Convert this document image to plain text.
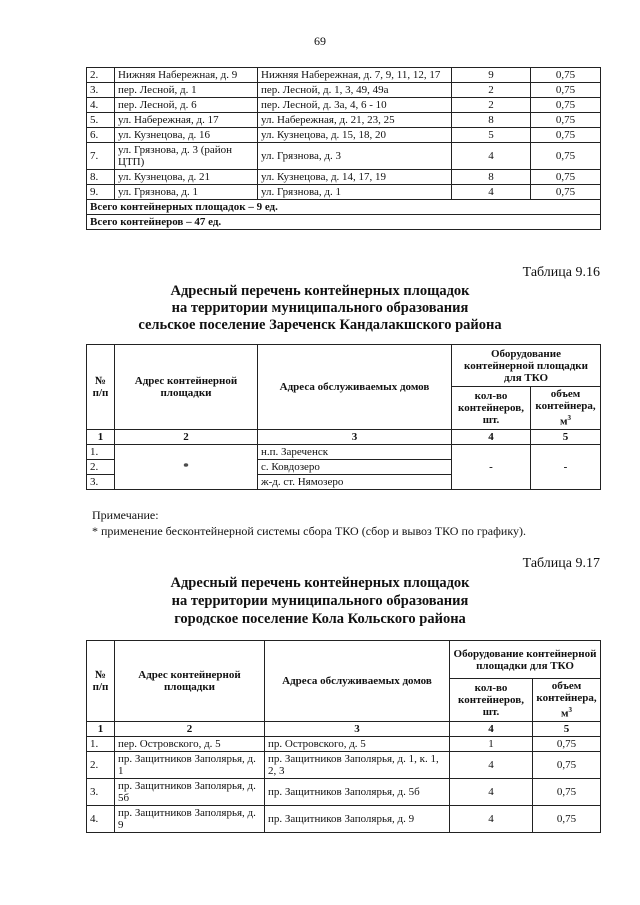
69
2.	Нижняя Набережная, д. 9	Нижняя Набережная, д. 7, 9, 11, 12, 17	9	0,75
3.	пер. Лесной, д. 1	пер. Лесной, д. 1, 3, 49, 49а	2	0,75
4.	пер. Лесной, д. 6	пер. Лесной, д. 3а, 4, 6 - 10	2	0,75
5.	ул. Набережная, д. 17	ул. Набережная, д. 21, 23, 25	8	0,75
6.	ул. Кузнецова, д. 16	ул. Кузнецова, д. 15, 18, 20	5	0,75
7.	ул. Грязнова, д. 3 (район ЦТП)	ул. Грязнова, д. 3	4	0,75
8.	ул. Кузнецова, д. 21	ул. Кузнецова, д. 14, 17, 19	8	0,75
9.	ул. Грязнова, д. 1	ул. Грязнова, д. 1	4	0,75
Всего контейнерных площадок – 9 ед.				
Всего контейнеров – 47 ед.				
Таблица 9.16
Адресный перечень контейнерных площадок
на территории муниципального образования
сельское поселение Зареченск Кандалакшского района
№ п/п	Адрес контейнерной площадки	Адреса обслуживаемых домов	Оборудование контейнерной площадки для ТКО	
			кол-во контейнеров, шт.	объем контейнера, $м^3$
1	2	3	4	5
1.	*	н.п. Зареченск	-	-
2.		с. Ковдозеро		
3.		ж-д. ст. Нямозеро		
Примечание:
* применение бесконтейнерной системы сбора ТКО (сбор и вывоз ТКО по графику).
Таблица 9.17
Адресный перечень контейнерных площадок
на территории муниципального образования
городское поселение Кола Кольского района
№ п/п	Адрес контейнерной площадки	Адреса обслуживаемых домов	Оборудование контейнерной площадки для ТКО	
			кол-во контейнеров, шт.	объем контейнера, $м^3$
1	2	3	4	5
1.	пер. Островского, д. 5	пр. Островского, д. 5	1	0,75
2.	пр. Защитников Заполярья, д. 1	пр. Защитников Заполярья, д. 1, к. 1, 2, 3	4	0,75
3.	пр. Защитников Заполярья, д. 5б	пр. Защитников Заполярья, д. 5б	4	0,75
4.	пр. Защитников Заполярья, д. 9	пр. Защитников Заполярья, д. 9	4	0,75
